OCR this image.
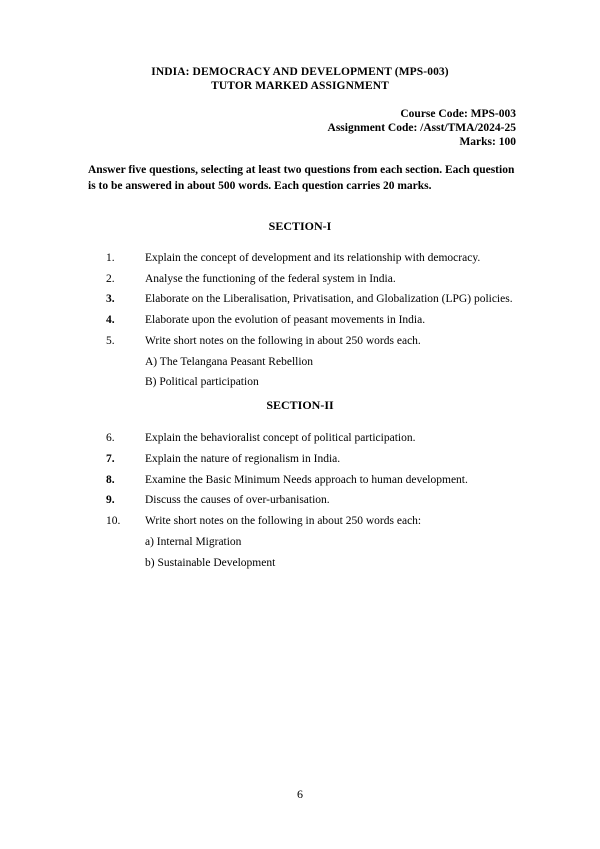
INDIA: DEMOCRACY AND DEVELOPMENT (MPS-003)
TUTOR MARKED ASSIGNMENT
Course Code: MPS-003
Assignment Code: /Asst/TMA/2024-25
Marks: 100
Answer five questions, selecting at least two questions from each section. Each question is to be answered in about 500 words. Each question carries 20 marks.
SECTION-I
1.	Explain the concept of development and its relationship with democracy.
2.	Analyse the functioning of the federal system in India.
3.	Elaborate on the Liberalisation, Privatisation, and Globalization (LPG) policies.
4.	Elaborate upon the evolution of peasant movements in India.
5.	Write short notes on the following in about 250 words each.
A) The Telangana Peasant Rebellion
B) Political participation
SECTION-II
6.	Explain the behavioralist concept of political participation.
7.	Explain the nature of regionalism in India.
8.	Examine the Basic Minimum Needs approach to human development.
9.	Discuss the causes of over-urbanisation.
10.	Write short notes on the following in about 250 words each:
a) Internal Migration
b) Sustainable Development
6
